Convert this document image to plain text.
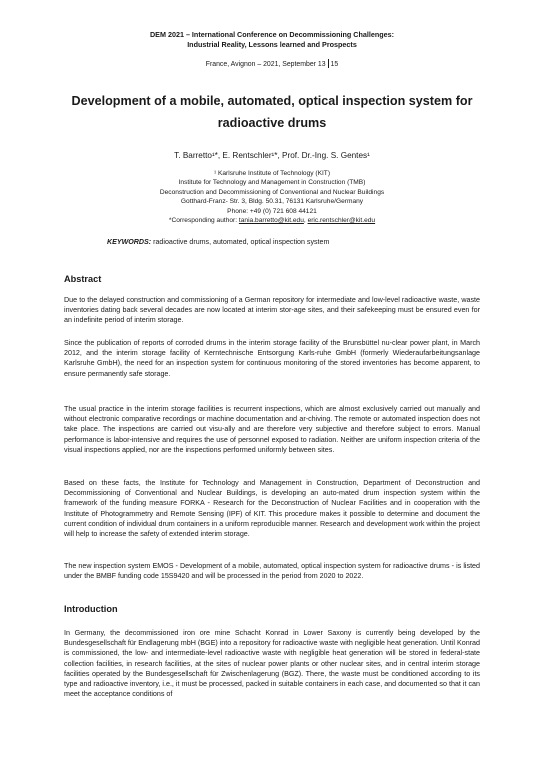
DEM 2021 – International Conference on Decommissioning Challenges:
Industrial Reality, Lessons learned and Prospects
France, Avignon – 2021, September 13 15
Development of a mobile, automated, optical inspection system for
radioactive drums
T. Barretto¹*, E. Rentschler¹*, Prof. Dr.-Ing. S. Gentes¹
¹ Karlsruhe Institute of Technology (KIT)
Institute for Technology and Management in Construction (TMB)
Deconstruction and Decommissioning of Conventional and Nuclear Buildings
Gotthard-Franz- Str. 3, Bldg. 50.31, 76131 Karlsruhe/Germany
Phone: +49 (0) 721 608 44121
*Corresponding author: tania.barretto@kit.edu, eric.rentschler@kit.edu
KEYWORDS: radioactive drums, automated, optical inspection system
Abstract

Due to the delayed construction and commissioning of a German repository for intermediate and low-level radioactive waste, waste inventories dating back several decades are now located at interim stor-age sites, and their safekeeping must be ensured even for an indefinite period of interim storage.

Since the publication of reports of corroded drums in the interim storage facility of the Brunsbüttel nu-clear power plant, in March 2012, and the interim storage facility of Kerntechnische Entsorgung Karls-ruhe GmbH (formerly Wiederaufarbeitungsanlage Karlsruhe GmbH), the need for an inspection system for continuous monitoring of the stored inventories has become apparent, to ensure permanently safe storage.

The usual practice in the interim storage facilities is recurrent inspections, which are almost exclusively carried out manually and without electronic comparative recordings or machine documentation and ar-chiving. The remote or automated inspection does not take place. The inspections are carried out visu-ally and are therefore very subjective and therefore subject to errors. Manual performance is labor-intensive and requires the use of personnel exposed to radiation. Neither are uniform inspection criteria of the visual inspections applied, nor are the inspections performed uniformly between sites.

Based on these facts, the Institute for Technology and Management in Construction, Department of Deconstruction and Decommissioning of Conventional and Nuclear Buildings, is developing an auto-mated drum inspection system within the framework of the funding measure FORKA - Research for the Deconstruction of Nuclear Facilities and in cooperation with the Institute of Photogrammetry and Remote Sensing (IPF) of KIT. This procedure makes it possible to determine and document the current condition of individual drum containers in a uniform reproducible manner. Research and development work within the project will help to increase the safety of extended interim storage.

The new inspection system EMOS - Development of a mobile, automated, optical inspection system for radioactive drums - is listed under the BMBF funding code 15S9420 and will be processed in the period from 2020 to 2022.

Introduction

In Germany, the decommissioned iron ore mine Schacht Konrad in Lower Saxony is currently being developed by the Bundesgesellschaft für Endlagerung mbH (BGE) into a repository for radioactive waste with negligible heat generation. Until Konrad is commissioned, the low- and intermediate-level radioactive waste with negligible heat generation will be stored in federal-state collection facilities, in research facilities, at the sites of nuclear power plants or other nuclear sites, and in central interim storage facilities operated by the Bundesgesellschaft für Zwischenlagerung (BGZ). There, the waste must be conditioned according to its type and radioactive inventory, i.e., it must be processed, packed in suitable containers in each case, and documented so that it can meet the acceptance conditions of
